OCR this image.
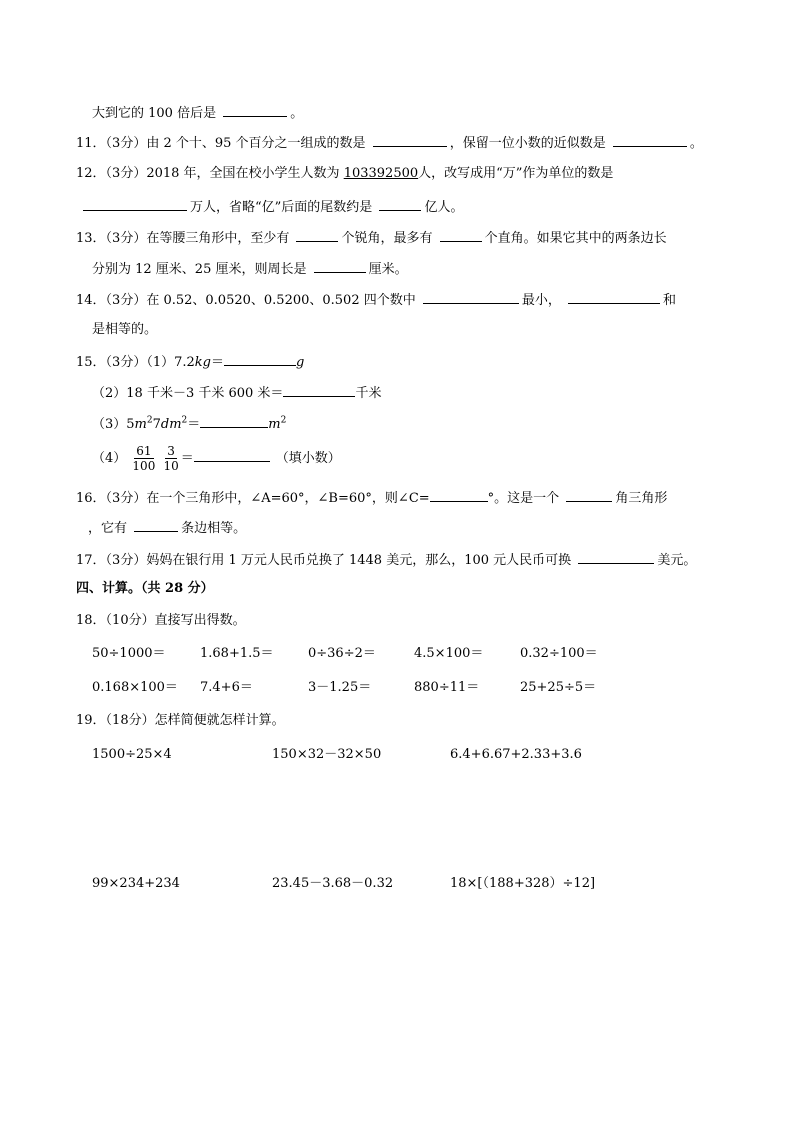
大到它的 100 倍后是	。
11．（3分）由 2 个十、95 个百分之一组成的数是	，保留一位小数的近似数是	。
12．（3分）2018 年，全国在校小学生人数为 103392500人，改写成用“万”作为单位的数是
万人，省略“亿”后面的尾数约是	亿人。
13．（3分）在等腰三角形中，至少有	个锐角，最多有	个直角。如果它其中的两条边长
分别为 12 厘米、25 厘米，则周长是	厘米。
14．（3分）在 0.52、0.0520、0.5200、0.502 四个数中	最小，	和
是相等的。
15．（3分）（1）7.2kg＝	g
（2）18 千米－3 千米 600 米＝	千米
$(3)5m^27dm^2=$	$m^2$
$(4) \frac{61}{100}$
$\frac{3}{10}$ ＝	（填小数）
16．（3分）在一个三角形中，∠A=60°，∠B=60°，则∠C=	°。这是一个	角三角形
，它有	条边相等。
17．（3分）妈妈在银行用 1 万元人民币兑换了 1448 美元，那么，100 元人民币可换	美元。
四、计算。（共 28 分）
18．（10分）直接写出得数。
50÷1000＝	1.68+1.5＝	0÷36÷2＝	4.5×100＝	0.32÷100＝
0.168×100＝ 7.4+6＝	3－1.25＝	880÷11＝	25+25÷5＝
19．（18分）怎样简便就怎样计算。
1500÷25×4	150×32－32×50	6.4+6.67+2.33+3.6
99×234+234	23.45－3.68－0.32	18×[（188+328）÷12]
